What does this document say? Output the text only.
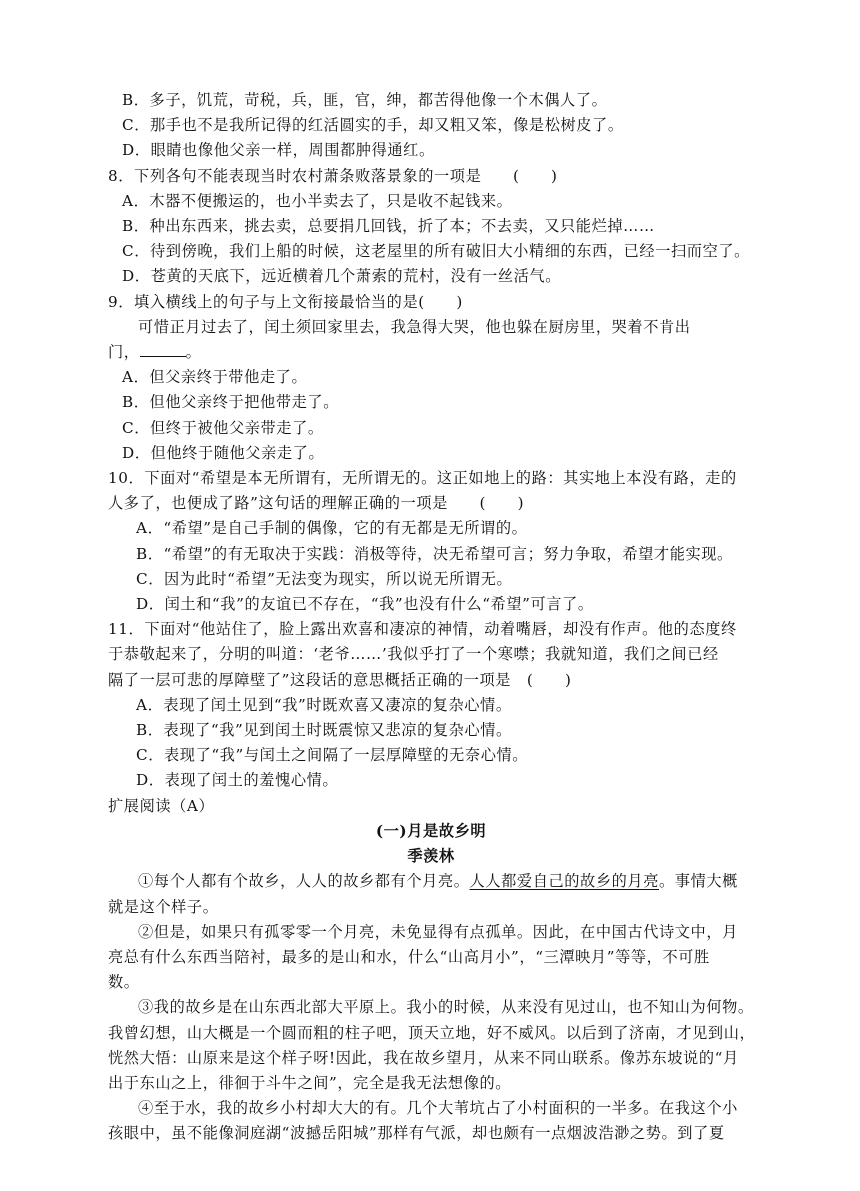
B．多子，饥荒，苛税，兵，匪，官，绅，都苦得他像一个木偶人了。
C．那手也不是我所记得的红活圆实的手，却又粗又笨，像是松树皮了。
D．眼睛也像他父亲一样，周围都肿得通红。
8．下列各句不能表现当时农村萧条败落景象的一项是　　(　　)
A．木器不便搬运的，也小半卖去了，只是收不起钱来。
B．种出东西来，挑去卖，总要捐几回钱，折了本；不去卖，又只能烂掉……
C．待到傍晚，我们上船的时候，这老屋里的所有破旧大小精细的东西，已经一扫而空了。
D．苍黄的天底下，远近横着几个萧索的荒村，没有一丝活气。
9．填入横线上的句子与上文衔接最恰当的是(　　)
可惜正月过去了，闰土须回家里去，我急得大哭，他也躲在厨房里，哭着不肯出
门，	。
A．但父亲终于带他走了。
B．但他父亲终于把他带走了。
C．但终于被他父亲带走了。
D．但他终于随他父亲走了。
10．下面对“希望是本无所谓有，无所谓无的。这正如地上的路：其实地上本没有路，走的
人多了，也便成了路”这句话的理解正确的一项是　　(　　)
A．“希望”是自己手制的偶像，它的有无都是无所谓的。
B．“希望”的有无取决于实践：消极等待，决无希望可言；努力争取，希望才能实现。
C．因为此时“希望”无法变为现实，所以说无所谓无。
D．闰土和“我”的友谊已不存在，“我”也没有什么“希望”可言了。
11．下面对“他站住了，脸上露出欢喜和凄凉的神情，动着嘴唇，却没有作声。他的态度终
于恭敬起来了，分明的叫道：‘老爷……’我似乎打了一个寒噤；我就知道，我们之间已经
隔了一层可悲的厚障壁了”这段话的意思概括正确的一项是　(　　)
A．表现了闰土见到“我”时既欢喜又凄凉的复杂心情。
B．表现了“我”见到闰土时既震惊又悲凉的复杂心情。
C．表现了“我”与闰土之间隔了一层厚障壁的无奈心情。
D．表现了闰土的羞愧心情。
扩展阅读（A）
(一)月是故乡明
季羡林
①每个人都有个故乡，人人的故乡都有个月亮。人人都爱自己的故乡的月亮。事情大概
就是这个样子。
②但是，如果只有孤零零一个月亮，未免显得有点孤单。因此，在中国古代诗文中，月
亮总有什么东西当陪衬，最多的是山和水，什么“山高月小”，“三潭映月”等等，不可胜
数。
③我的故乡是在山东西北部大平原上。我小的时候，从来没有见过山，也不知山为何物。
我曾幻想，山大概是一个圆而粗的柱子吧，顶天立地，好不威风。以后到了济南，才见到山，
恍然大悟：山原来是这个样子呀!因此，我在故乡望月，从来不同山联系。像苏东坡说的“月
出于东山之上，徘徊于斗牛之间”，完全是我无法想像的。
④至于水，我的故乡小村却大大的有。几个大苇坑占了小村面积的一半多。在我这个小
孩眼中，虽不能像洞庭湖“波撼岳阳城”那样有气派，却也颇有一点烟波浩渺之势。到了夏
